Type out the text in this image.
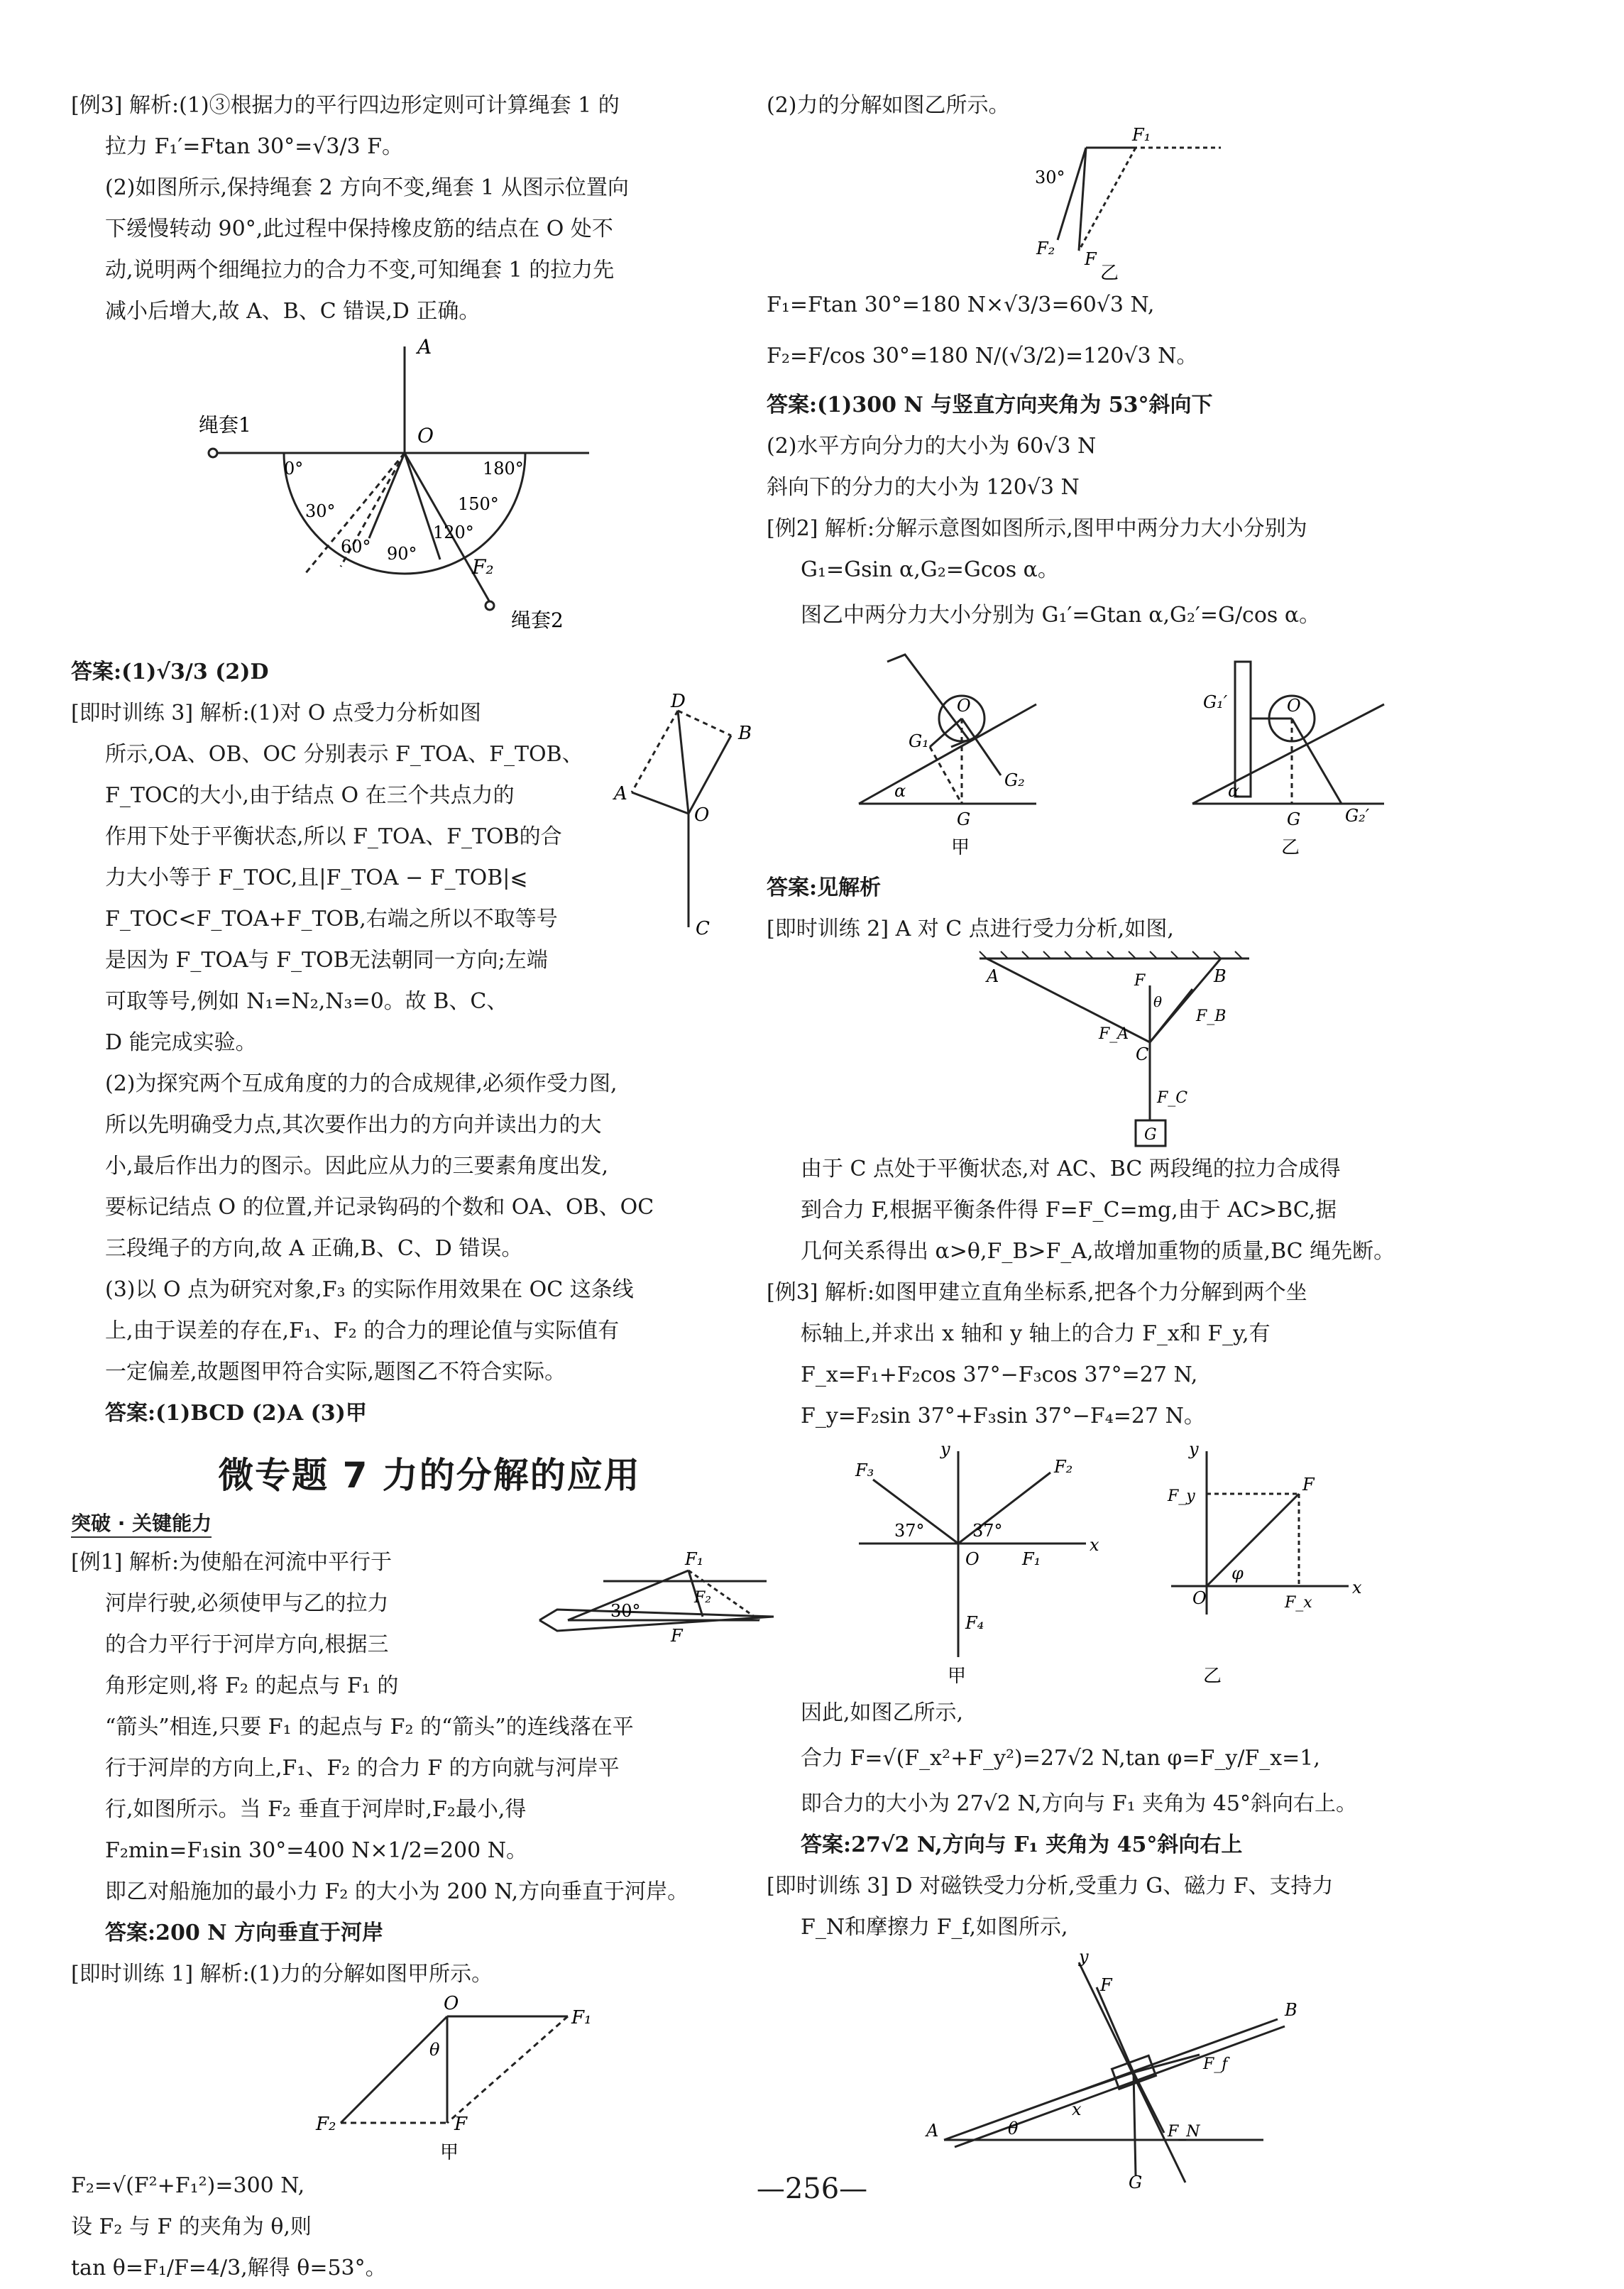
[例3] 解析:(1)③根据力的平行四边形定则可计算绳套 1 的

拉力 F₁′=Ftan 30°=√3/3 F。

(2)如图所示,保持绳套 2 方向不变,绳套 1 从图示位置向

下缓慢转动 90°,此过程中保持橡皮筋的结点在 O 处不

动,说明两个细绳拉力的合力不变,可知绳套 1 的拉力先

减小后增大,故 A、B、C 错误,D 正确。

A
O
绳套1
绳套2
F₂
0°
30°
60° 90°
120°
150°
180°

答案:(1)√3/3 (2)D

[即时训练 3] 解析:(1)对 O 点受力分析如图

所示,OA、OB、OC 分别表示 F_TOA、F_TOB、

F_TOC的大小,由于结点 O 在三个共点力的

作用下处于平衡状态,所以 F_TOA、F_TOB的合

力大小等于 F_TOC,且|F_TOA − F_TOB|⩽

F_TOC<F_TOA+F_TOB,右端之所以不取等号

是因为 F_TOA与 F_TOB无法朝同一方向;左端

可取等号,例如 N₁=N₂,N₃=0。故 B、C、

D 能完成实验。

D
B
A
O
C

(2)为探究两个互成角度的力的合成规律,必须作受力图,

所以先明确受力点,其次要作出力的方向并读出力的大

小,最后作出力的图示。因此应从力的三要素角度出发,

要标记结点 O 的位置,并记录钩码的个数和 OA、OB、OC

三段绳子的方向,故 A 正确,B、C、D 错误。

(3)以 O 点为研究对象,F₃ 的实际作用效果在 OC 这条线

上,由于误差的存在,F₁、F₂ 的合力的理论值与实际值有

一定偏差,故题图甲符合实际,题图乙不符合实际。

答案:(1)BCD (2)A (3)甲

微专题 7 力的分解的应用
突破 · 关键能力

[例1] 解析:为使船在河流中平行于

河岸行驶,必须使甲与乙的拉力

的合力平行于河岸方向,根据三

角形定则,将 F₂ 的起点与 F₁ 的

“箭头”相连,只要 F₁ 的起点与 F₂ 的“箭头”的连线落在平

行于河岸的方向上,F₁、F₂ 的合力 F 的方向就与河岸平

行,如图所示。当 F₂ 垂直于河岸时,F₂最小,得

F₂min=F₁sin 30°=400 N×1/2=200 N。

即乙对船施加的最小力 F₂ 的大小为 200 N,方向垂直于河岸。

F₁
F₂
F
30°

答案:200 N 方向垂直于河岸

[即时训练 1] 解析:(1)力的分解如图甲所示。

O
F₁
F₂	F
θ
甲

F₂=√(F²+F₁²)=300 N,

设 F₂ 与 F 的夹角为 θ,则

tan θ=F₁/F=4/3,解得 θ=53°。

(2)力的分解如图乙所示。

F₁
F₂
F
30°
乙

F₁=Ftan 30°=180 N×√3/3=60√3 N,

F₂=F/cos 30°=180 N/(√3/2)=120√3 N。

答案:(1)300 N 与竖直方向夹角为 53°斜向下

(2)水平方向分力的大小为 60√3 N

斜向下的分力的大小为 120√3 N

[例2] 解析:分解示意图如图所示,图甲中两分力大小分别为

G₁=Gsin α,G₂=Gcos α。

图乙中两分力大小分别为 G₁′=Gtan α,G₂′=G/cos α。

O
G₁
G₂
G
α
甲
O
G₁′
G₂′
G
α
乙

答案:见解析

[即时训练 2] A 对 C 点进行受力分析,如图,

A	B
C
F
F_A
F_B
F_C
G
θ

由于 C 点处于平衡状态,对 AC、BC 两段绳的拉力合成得

到合力 F,根据平衡条件得 F=F_C=mg,由于 AC>BC,据

几何关系得出 α>θ,F_B>F_A,故增加重物的质量,BC 绳先断。

[例3] 解析:如图甲建立直角坐标系,把各个力分解到两个坐

标轴上,并求出 x 轴和 y 轴上的合力 F_x和 F_y,有

F_x=F₁+F₂cos 37°−F₃cos 37°=27 N,

F_y=F₂sin 37°+F₃sin 37°−F₄=27 N。

y
x
O	F₁
F₂
F₃
F₄
37°	37°
甲
y
x
O
F_y
F_x
F
φ
乙

因此,如图乙所示,

合力 F=√(F_x²+F_y²)=27√2 N,tan φ=F_y/F_x=1,

即合力的大小为 27√2 N,方向与 F₁ 夹角为 45°斜向右上。

答案:27√2 N,方向与 F₁ 夹角为 45°斜向右上

[即时训练 3] D 对磁铁受力分析,受重力 G、磁力 F、支持力

F_N和摩擦力 F_f,如图所示,

y
F
B
F_f
A	θ
x
F_N
G
—256—
